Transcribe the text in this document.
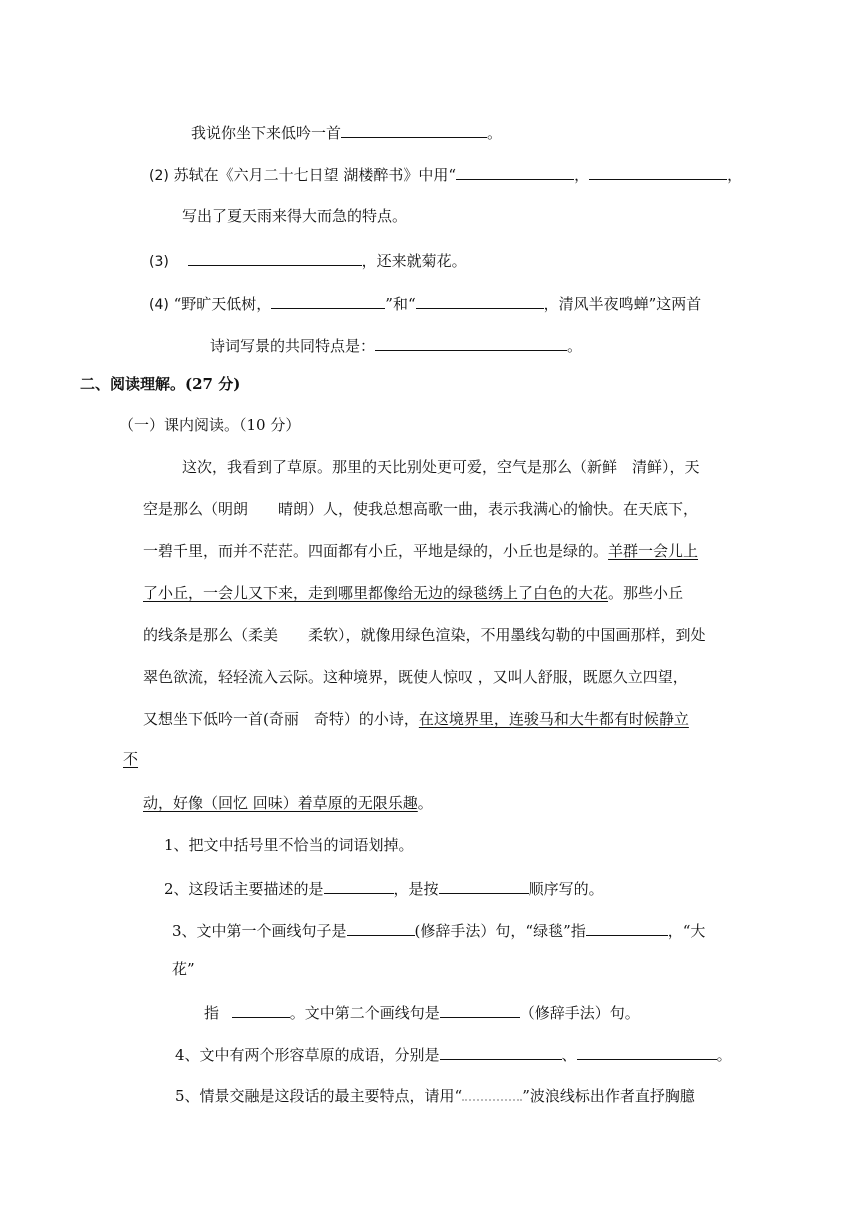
我说你坐下来低吟一首	。
(2) 苏轼在《六月二十七日望 湖楼醉书》中用“	，	，
写出了夏天雨来得大而急的特点。
(3)	，还来就菊花。
(4) “野旷天低树，	”和“	，清风半夜鸣蝉”这两首
诗词写景的共同特点是：	。
二、阅读理解。(27 分)
（一）课内阅读。（10 分）
这次，我看到了草原。那里的天比别处更可爱，空气是那么（新鲜　清鲜），天
空是那么（明朗　　晴朗）人，使我总想高歌一曲，表示我满心的愉快。在天底下，
一碧千里，而并不茫茫。四面都有小丘，平地是绿的，小丘也是绿的。羊群一会儿上
了小丘，一会儿又下来，走到哪里都像给无边的绿毯绣上了白色的大花。那些小丘
的线条是那么（柔美　　柔软），就像用绿色渲染，不用墨线勾勒的中国画那样，到处
翠色欲流，轻轻流入云际。这种境界，既使人惊叹 ，又叫人舒服，既愿久立四望，
又想坐下低吟一首(奇丽　奇特）的小诗，在这境界里，连骏马和大牛都有时候静立
不
动，好像（回忆 回味）着草原的无限乐趣。
1、把文中括号里不恰当的词语划掉。
2、这段话主要描述的是	，是按	顺序写的。
3、文中第一个画线句子是	(修辞手法）句，“绿毯”指	，“大
花”
指	。文中第二个画线句是	（修辞手法）句。
4、文中有两个形容草原的成语，分别是	、	。
5、情景交融是这段话的最主要特点，请用“	”波浪线标出作者直抒胸臆
